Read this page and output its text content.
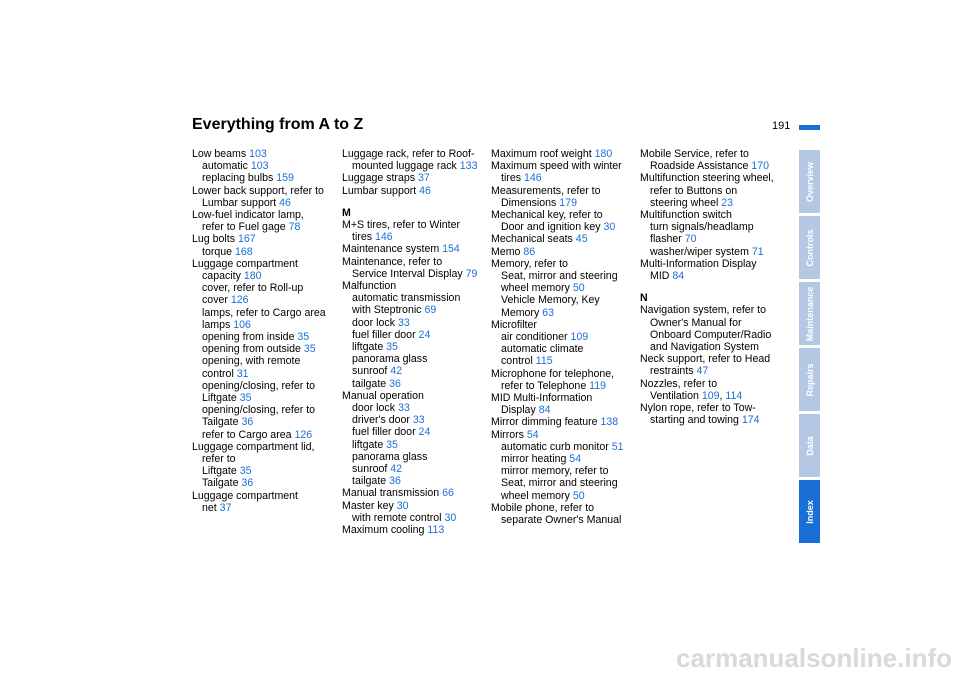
Everything from A to Z	191
Low beams 103
automatic 103
replacing bulbs 159
Lower back support, refer to
Lumbar support 46
Low-fuel indicator lamp,
refer to Fuel gage 78
Lug bolts 167
torque 168
Luggage compartment
capacity 180
cover, refer to Roll-up
cover 126
lamps, refer to Cargo area
lamps 106
opening from inside 35
opening from outside 35
opening, with remote
control 31
opening/closing, refer to
Liftgate 35
opening/closing, refer to
Tailgate 36
refer to Cargo area 126
Luggage compartment lid,
refer to
Liftgate 35
Tailgate 36
Luggage compartment
net 37
Luggage rack, refer to Roof-
mounted luggage rack 133
Luggage straps 37
Lumbar support 46
M
M+S tires, refer to Winter
tires 146
Maintenance system 154
Maintenance, refer to
Service Interval Display 79
Malfunction
automatic transmission
with Steptronic 69
door lock 33
fuel filler door 24
liftgate 35
panorama glass
sunroof 42
tailgate 36
Manual operation
door lock 33
driver's door 33
fuel filler door 24
liftgate 35
panorama glass
sunroof 42
tailgate 36
Manual transmission 66
Master key 30
with remote control 30
Maximum cooling 113
Maximum roof weight 180
Maximum speed with winter
tires 146
Measurements, refer to
Dimensions 179
Mechanical key, refer to
Door and ignition key 30
Mechanical seats 45
Memo 86
Memory, refer to
Seat, mirror and steering
wheel memory 50
Vehicle Memory, Key
Memory 63
Microfilter
air conditioner 109
automatic climate
control 115
Microphone for telephone,
refer to Telephone 119
MID Multi-Information
Display 84
Mirror dimming feature 138
Mirrors 54
automatic curb monitor 51
mirror heating 54
mirror memory, refer to
Seat, mirror and steering
wheel memory 50
Mobile phone, refer to
separate Owner's Manual
Mobile Service, refer to
Roadside Assistance 170
Multifunction steering wheel,
refer to Buttons on
steering wheel 23
Multifunction switch
turn signals/headlamp
flasher 70
washer/wiper system 71
Multi-Information Display
MID 84
N
Navigation system, refer to
Owner's Manual for
Onboard Computer/Radio
and Navigation System
Neck support, refer to Head
restraints 47
Nozzles, refer to
Ventilation 109, 114
Nylon rope, refer to Tow-
starting and towing 174
Overview
Controls
Maintenance
Repairs
Data
Index
carmanualsonline.info
